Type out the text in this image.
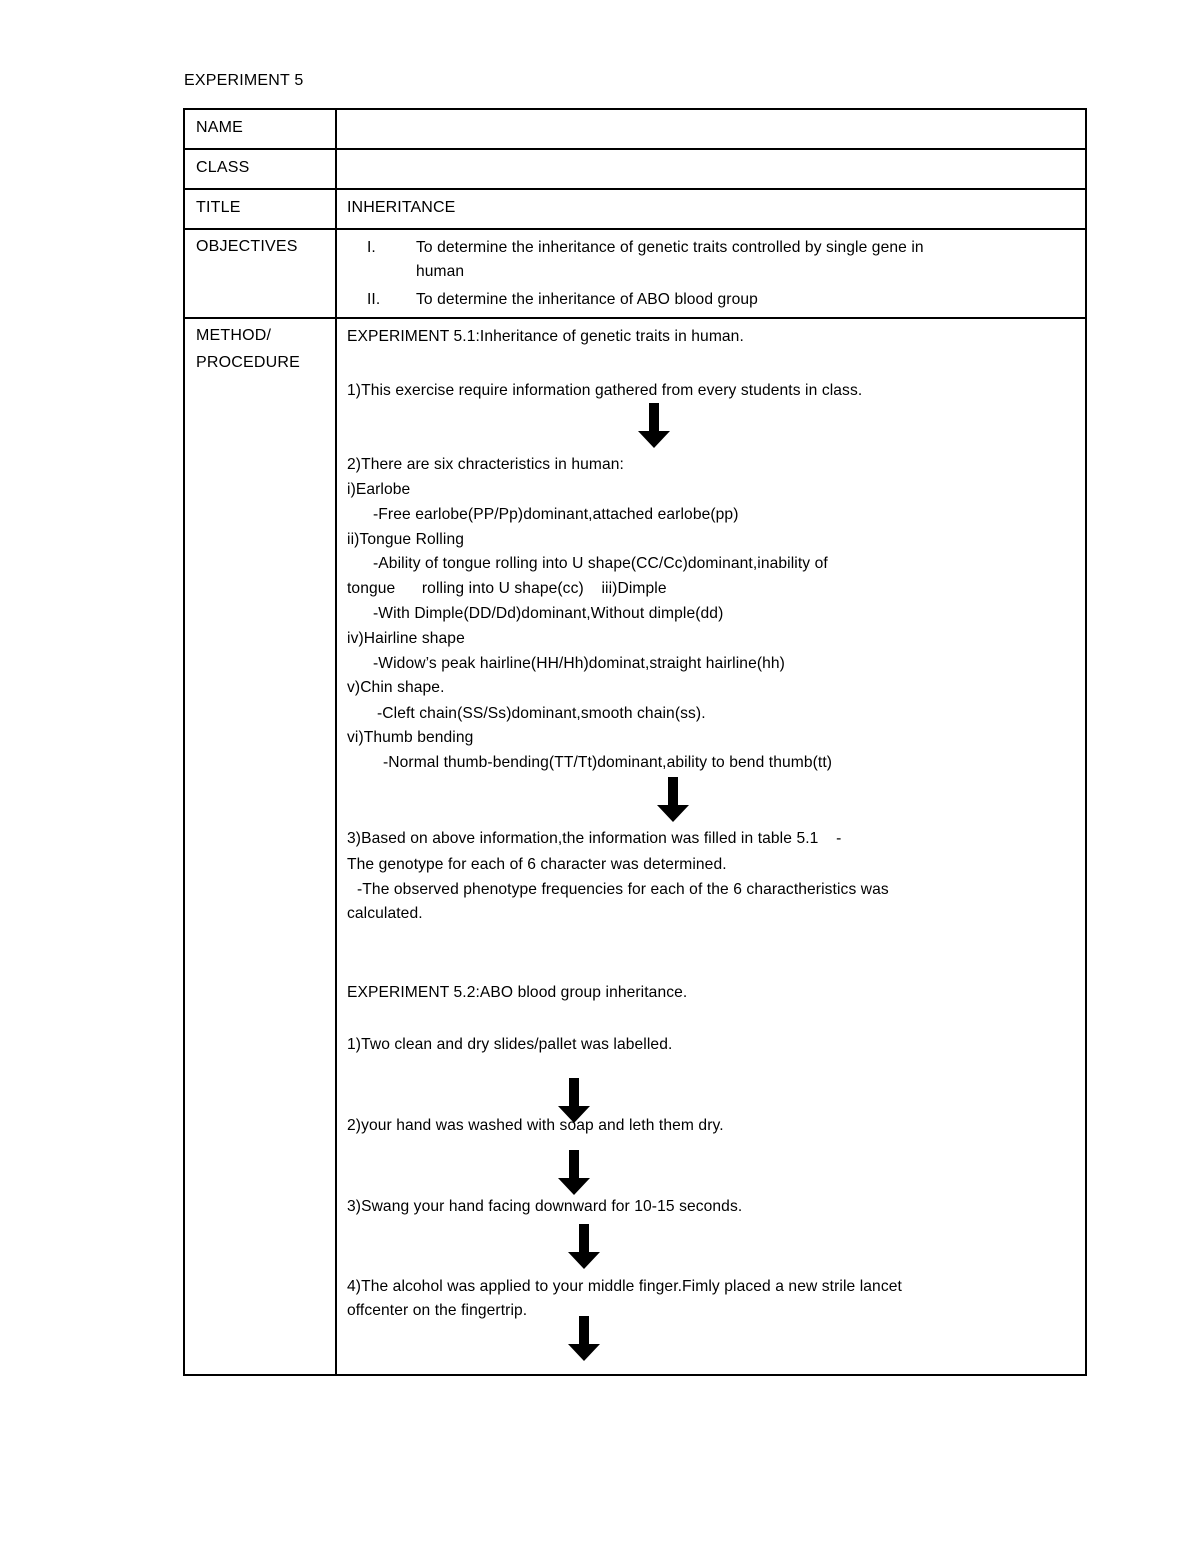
EXPERIMENT 5
NAME
CLASS
TITLE
OBJECTIVES
METHOD/
PROCEDURE
INHERITANCE
I.	To determine the inheritance of genetic traits controlled by single gene in
human
II. To determine the inheritance of ABO blood group
EXPERIMENT 5.1:Inheritance of genetic traits in human.
1)This exercise require information gathered from every students in class.
2)There are six chracteristics in human:
i)Earlobe
-Free earlobe(PP/Pp)dominant,attached earlobe(pp)
ii)Tongue Rolling
-Ability of tongue rolling into U shape(CC/Cc)dominant,inability of
tongue      rolling into U shape(cc)    iii)Dimple
-With Dimple(DD/Dd)dominant,Without dimple(dd)
iv)Hairline shape
-Widow’s peak hairline(HH/Hh)dominat,straight hairline(hh)
v)Chin shape.
-Cleft chain(SS/Ss)dominant,smooth chain(ss).
vi)Thumb bending
-Normal thumb-bending(TT/Tt)dominant,ability to bend thumb(tt)
3)Based on above information,the information was filled in table 5.1    -
The genotype for each of 6 character was determined.
-The observed phenotype frequencies for each of the 6 charactheristics was
calculated.
EXPERIMENT 5.2:ABO blood group inheritance.
1)Two clean and dry slides/pallet was labelled.
2)your hand was washed with soap and leth them dry.
3)Swang your hand facing downward for 10-15 seconds.
4)The alcohol was applied to your middle finger.Fimly placed a new strile lancet
offcenter on the fingertrip.
